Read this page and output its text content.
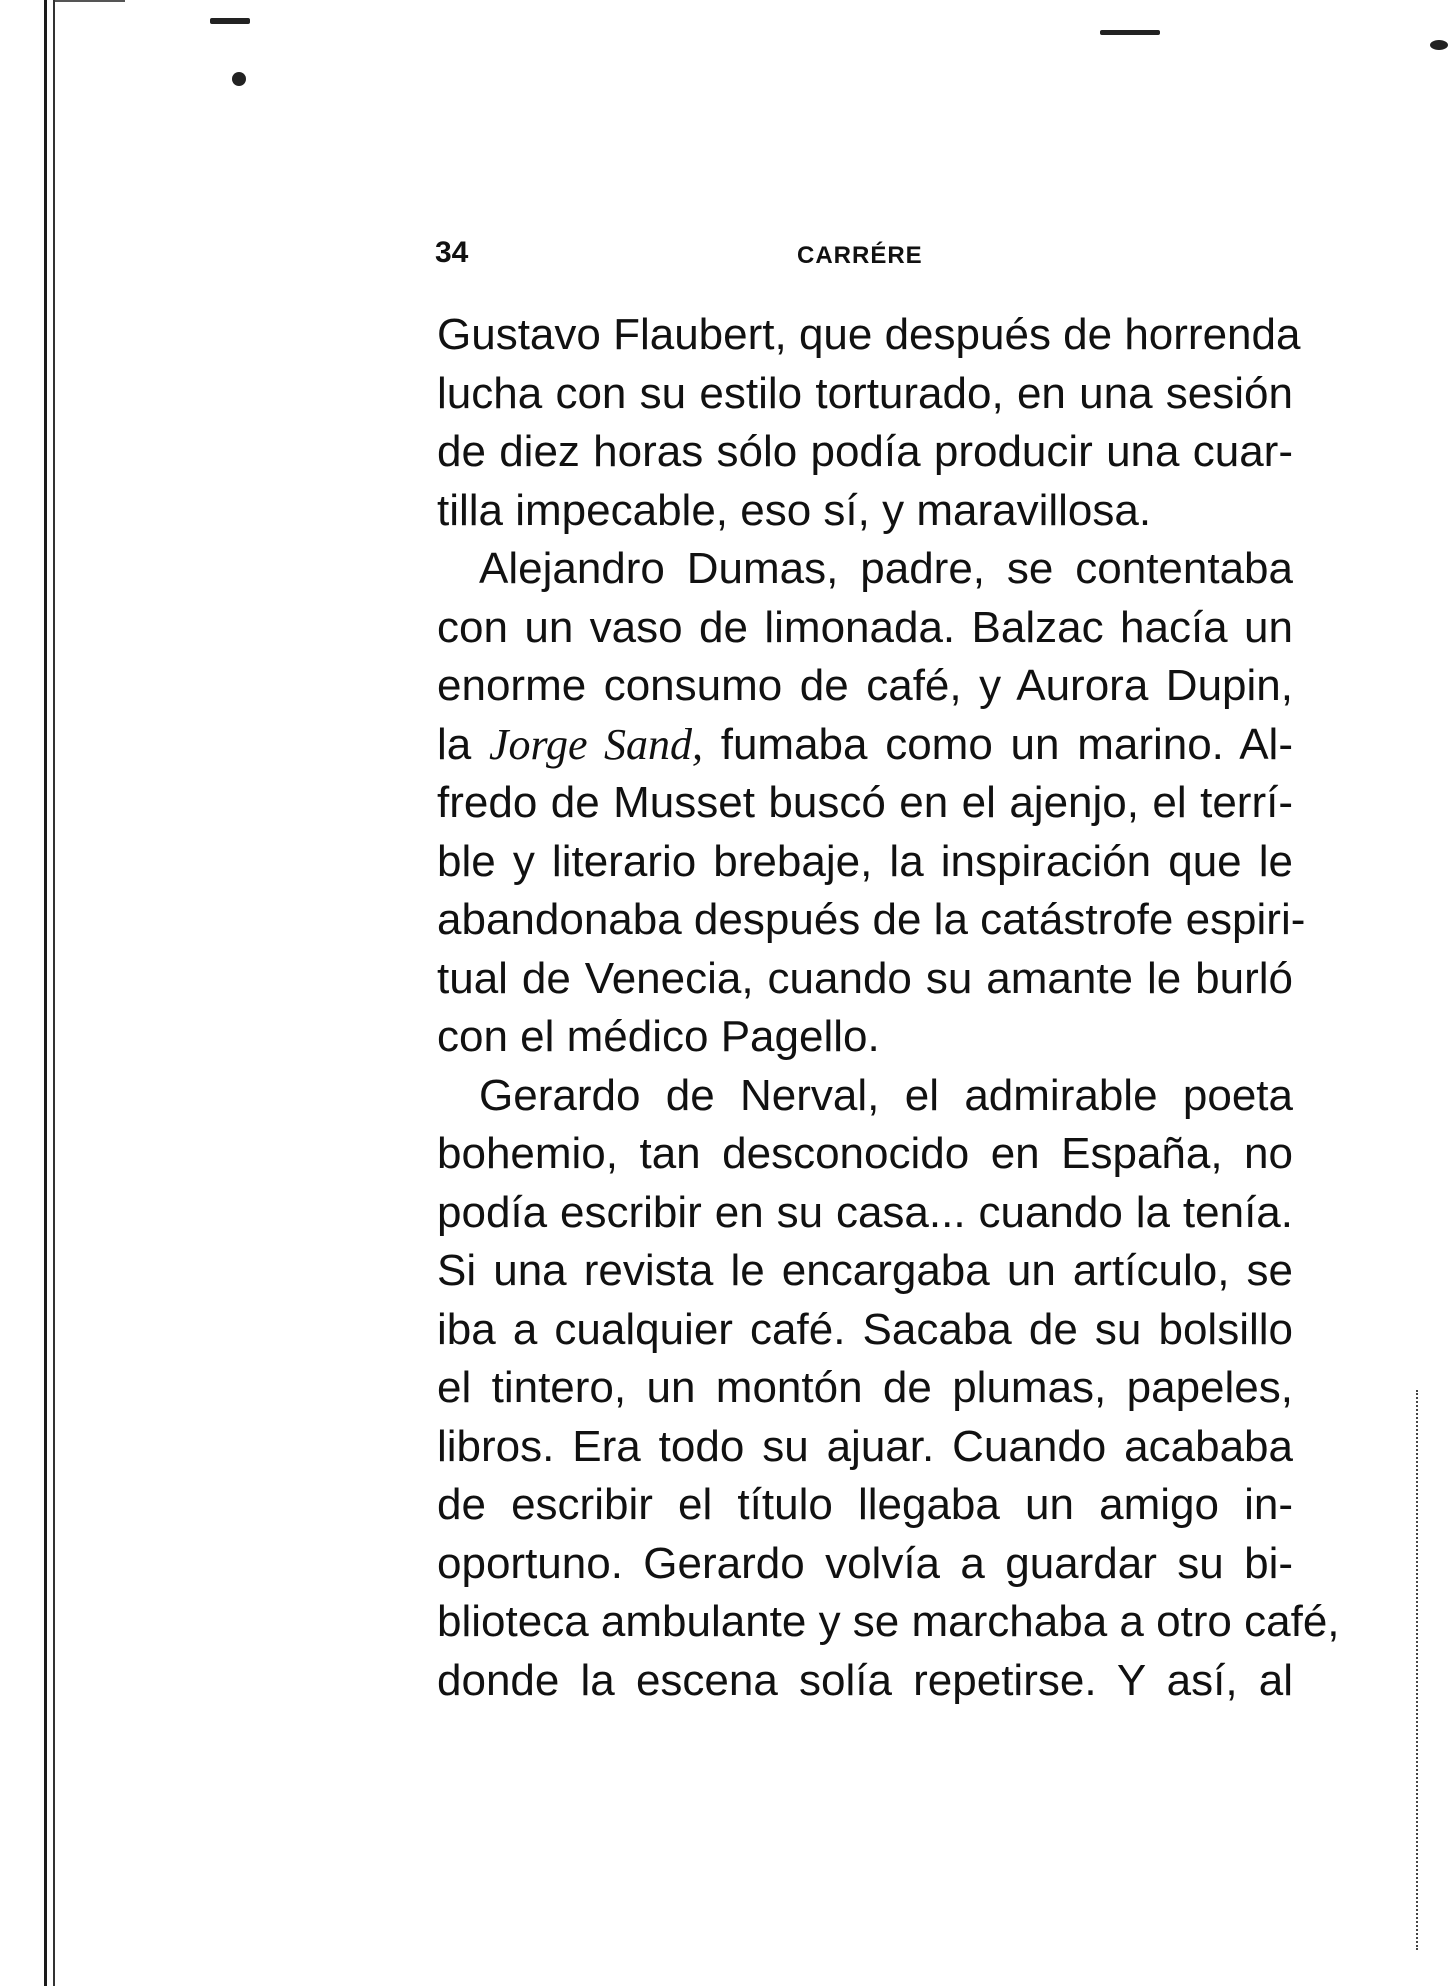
34	CARRÉRE
Gustavo Flaubert, que después de horrenda
lucha con su estilo torturado, en una sesión
de diez horas sólo podía producir una cuar-
tilla impecable, eso sí, y maravillosa.
Alejandro Dumas, padre, se contentaba
con un vaso de limonada. Balzac hacía un
enorme consumo de café, y Aurora Dupin,
la Jorge Sand, fumaba como un marino. Al-
fredo de Musset buscó en el ajenjo, el terrí-
ble y literario brebaje, la inspiración que le
abandonaba después de la catástrofe espiri-
tual de Venecia, cuando su amante le burló
con el médico Pagello.
Gerardo de Nerval, el admirable poeta
bohemio, tan desconocido en España, no
podía escribir en su casa... cuando la tenía.
Si una revista le encargaba un artículo, se
iba a cualquier café. Sacaba de su bolsillo
el tintero, un montón de plumas, papeles,
libros. Era todo su ajuar. Cuando acababa
de escribir el título llegaba un amigo in-
oportuno. Gerardo volvía a guardar su bi-
blioteca ambulante y se marchaba a otro café,
donde la escena solía repetirse. Y así, al
